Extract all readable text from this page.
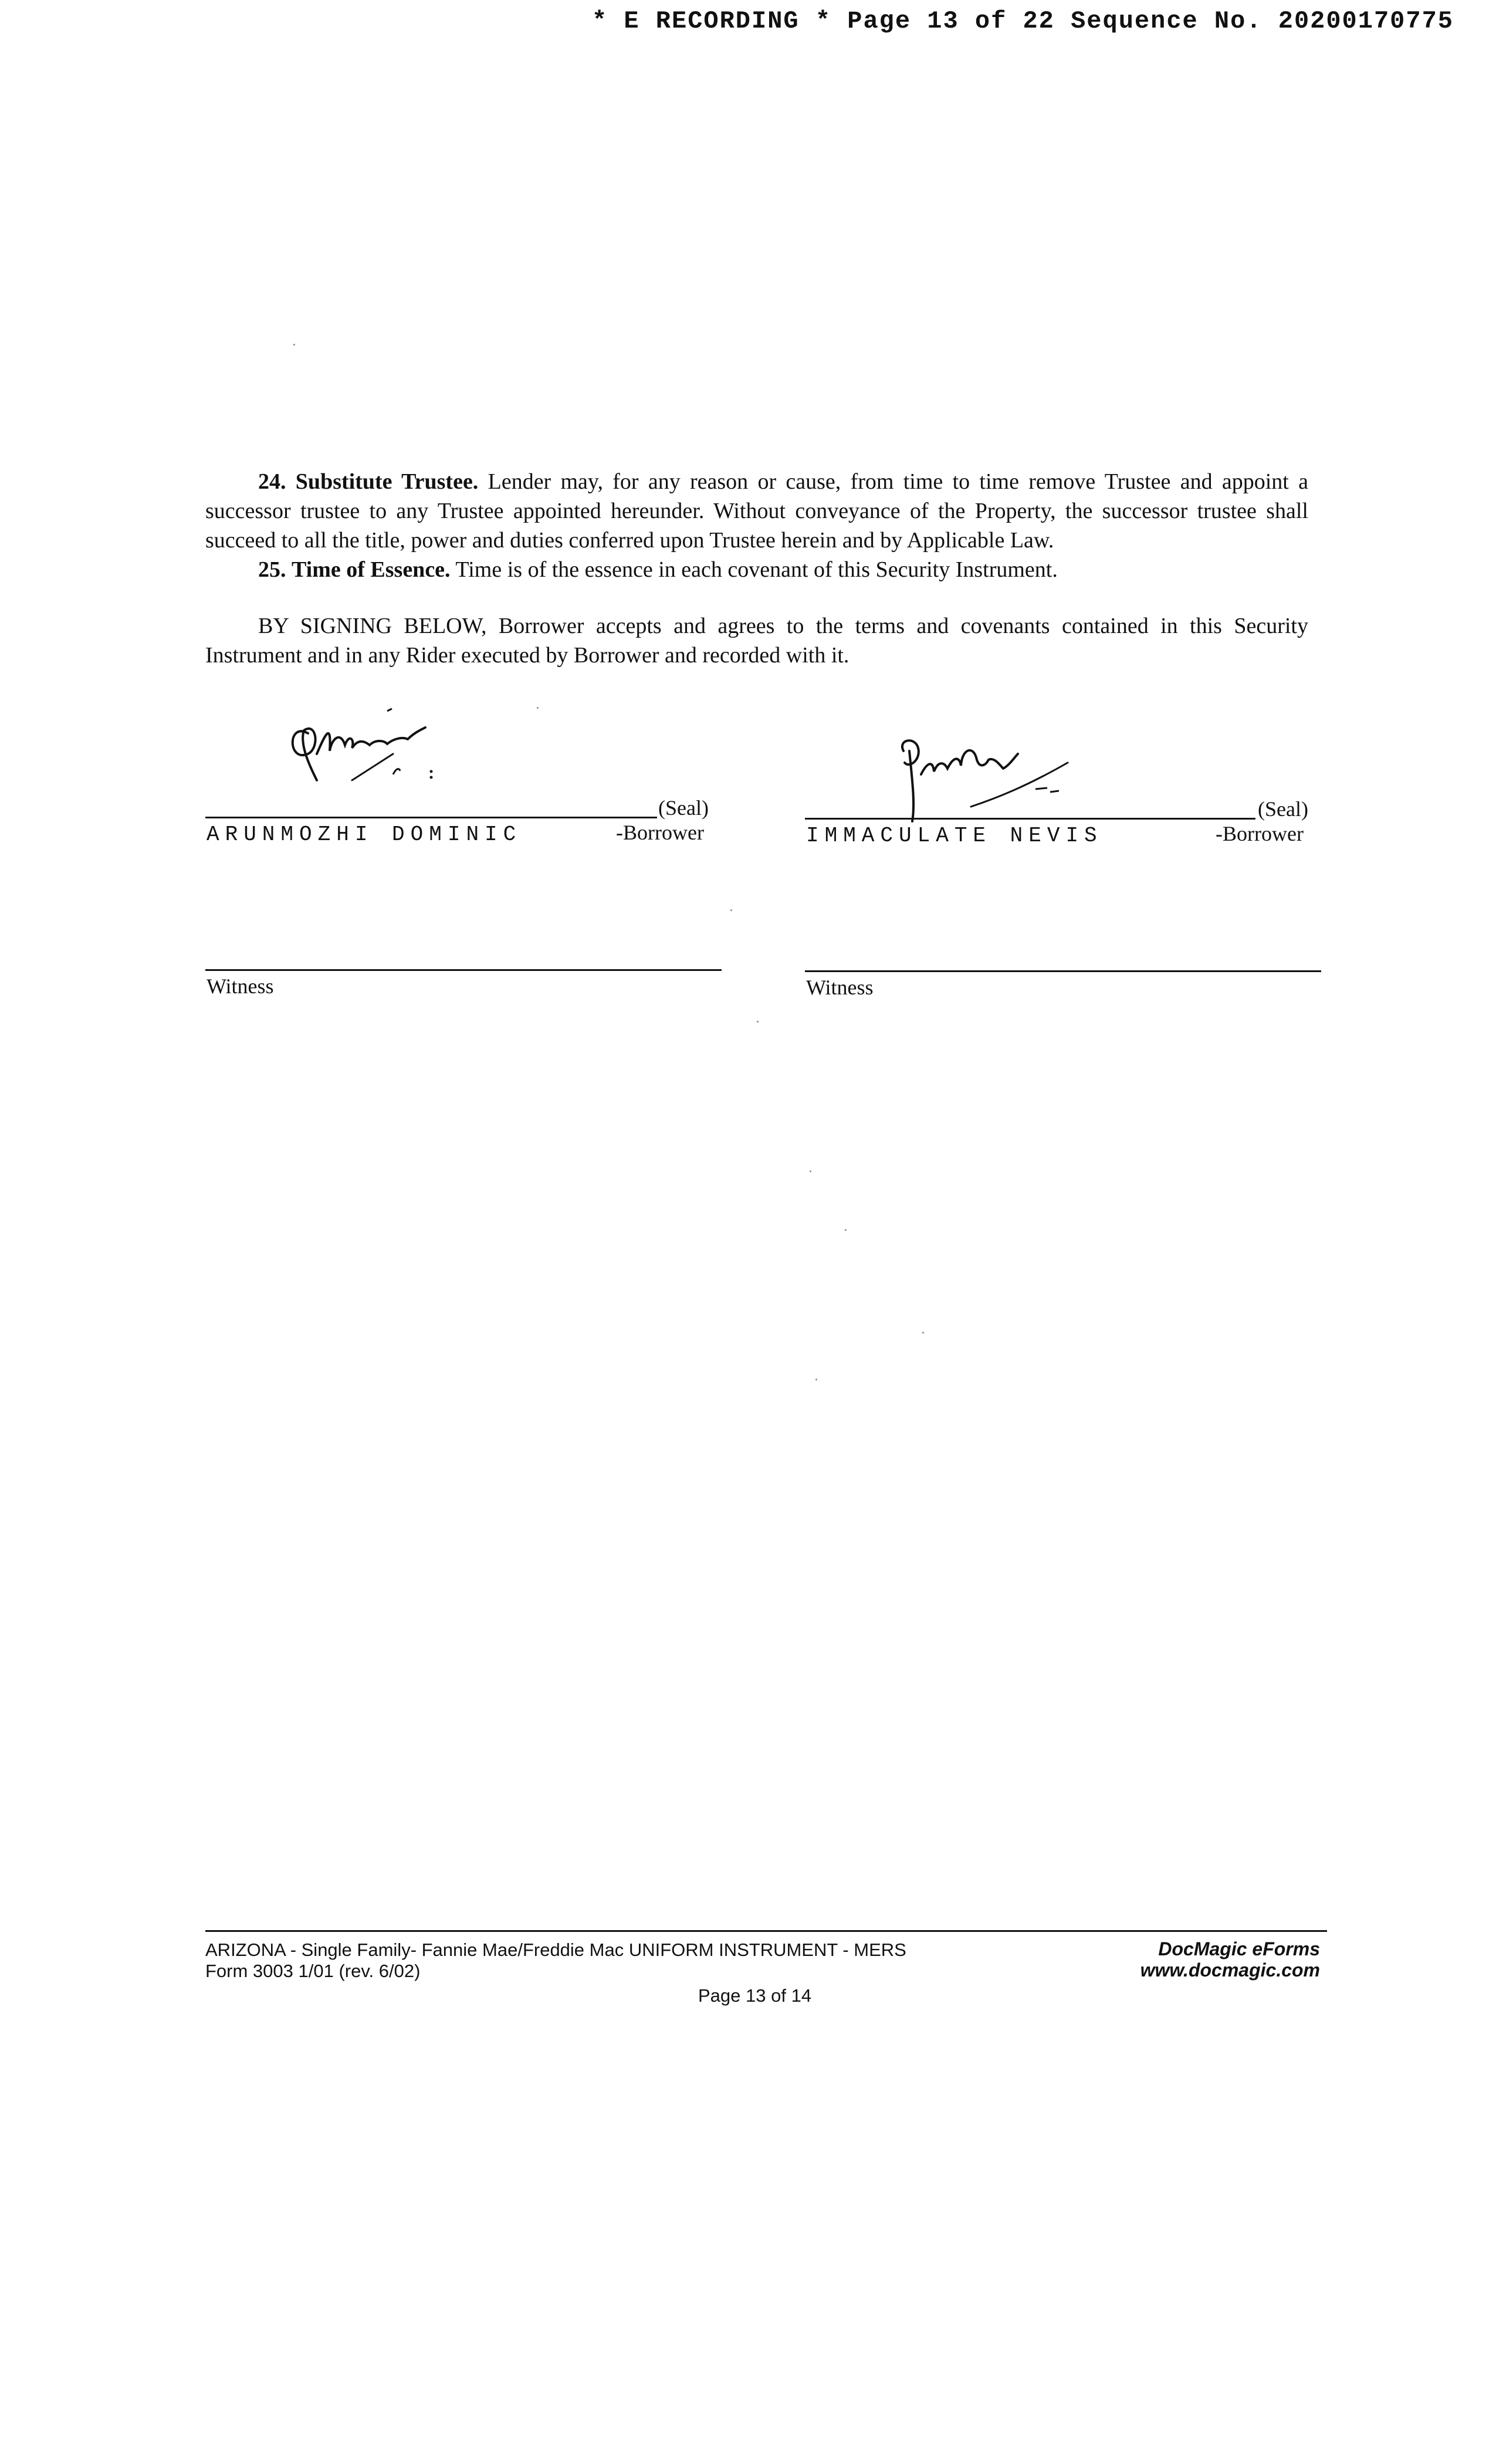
* E RECORDING * Page 13 of 22 Sequence No. 20200170775
24. Substitute Trustee. Lender may, for any reason or cause, from time to time remove Trustee and appoint a successor trustee to any Trustee appointed hereunder. Without conveyance of the Property, the successor trustee shall succeed to all the title, power and duties conferred upon Trustee herein and by Applicable Law.
25. Time of Essence. Time is of the essence in each covenant of this Security Instrument.
BY SIGNING BELOW, Borrower accepts and agrees to the terms and covenants contained in this Security Instrument and in any Rider executed by Borrower and recorded with it.
(Seal)
ARUNMOZHI DOMINIC	-Borrower
Witness
(Seal)
IMMACULATE NEVIS	-Borrower
Witness
ARIZONA - Single Family- Fannie Mae/Freddie Mac UNIFORM INSTRUMENT - MERS
Form 3003 1/01 (rev. 6/02)
DocMagic eForms
www.docmagic.com
Page 13 of 14
